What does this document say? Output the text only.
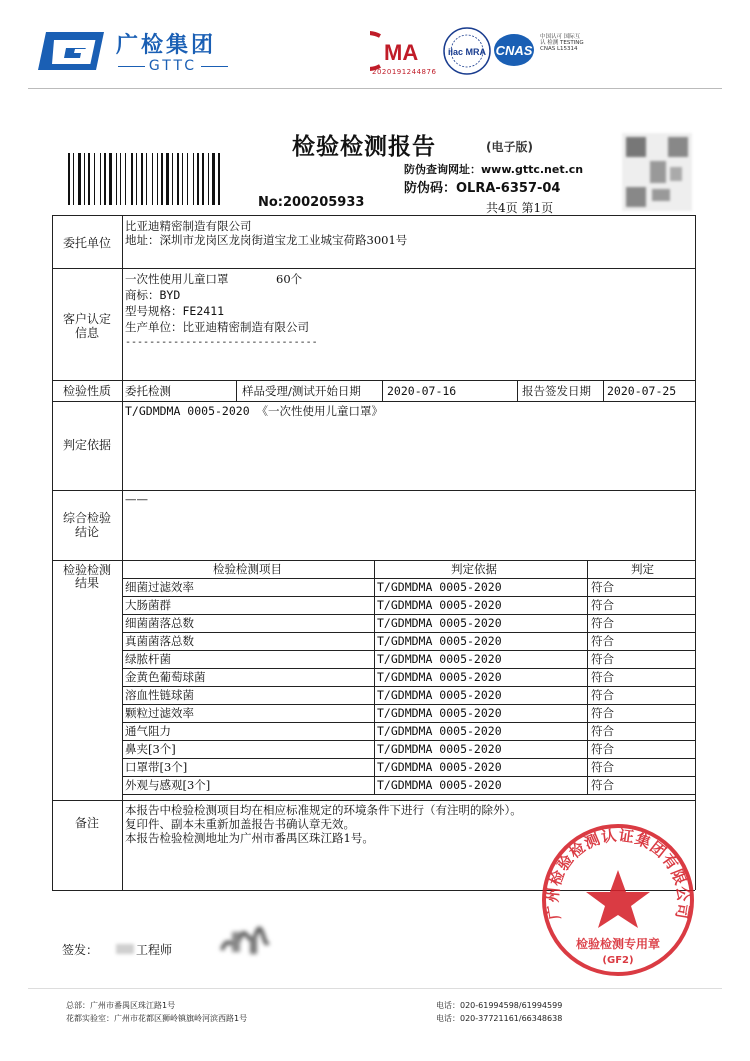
广检集团
GTTC
MA
2020191244876
ilac MRA CNAS
中国认可 国际互认 检测 TESTING CNAS L15314
No:200205933
检验检测报告	(电子版)
防伪查询网址：www.gttc.net.cn
防伪码：OLRA-6357-04
共4页 第1页
委托单位
比亚迪精密制造有限公司
地址：深圳市龙岗区龙岗街道宝龙工业城宝荷路3001号
客户认定
信息
一次性使用儿童口罩	60个
商标：BYD
型号规格：FE2411
生产单位：比亚迪精密制造有限公司
--------------------------------
检验性质	委托检测	样品受理/测试开始日期 2020-07-16	报告签发日期 2020-07-25
判定依据
T/GDMDMA 0005-2020 《一次性使用儿童口罩》
综合检验
结论
——
检验检测
结果
检验检测项目	判定依据	判定
细菌过滤效率	T/GDMDMA 0005-2020	符合
大肠菌群	T/GDMDMA 0005-2020	符合
细菌菌落总数	T/GDMDMA 0005-2020	符合
真菌菌落总数	T/GDMDMA 0005-2020	符合
绿脓杆菌	T/GDMDMA 0005-2020	符合
金黄色葡萄球菌	T/GDMDMA 0005-2020	符合
溶血性链球菌	T/GDMDMA 0005-2020	符合
颗粒过滤效率	T/GDMDMA 0005-2020	符合
通气阻力	T/GDMDMA 0005-2020	符合
鼻夹[3个]	T/GDMDMA 0005-2020	符合
口罩带[3个]	T/GDMDMA 0005-2020	符合
外观与感观[3个]	T/GDMDMA 0005-2020	符合
备注
本报告中检验检测项目均在相应标准规定的环境条件下进行（有注明的除外）。
复印件、副本未重新加盖报告书确认章无效。
本报告检验检测地址为广州市番禺区珠江路1号。
广州检验检测认证集团有限公司
检验检测专用章
(GF2)
签发：	工程师
总部：广州市番禺区珠江路1号	电话：020-61994598/61994599
花都实验室：广州市花都区狮岭镇旗岭河滨西路1号	电话：020-37721161/66348638
